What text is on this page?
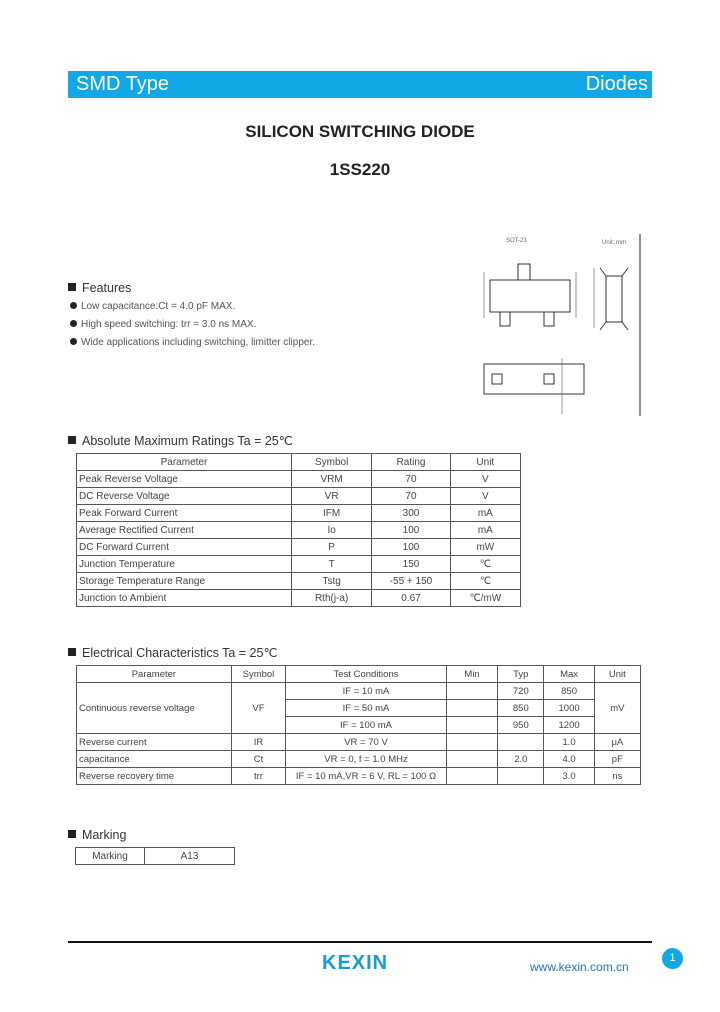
SMD Type	Diodes
SILICON SWITCHING DIODE
1SS220
SOT-23	Unit: mm
Features
Low capacitance:Ct = 4.0 pF MAX.
High speed switching: trr = 3.0 ns MAX.
Wide applications including switching, limitter clipper.
Absolute Maximum Ratings Ta = 25℃
Parameter	Symbol	Rating	Unit
Peak Reverse Voltage	VRM	70	V
DC Reverse Voltage	VR	70	V
Peak Forward Current	IFM	300	mA
Average Rectified Current	Io	100	mA
DC Forward Current	P	100	mW
Junction Temperature	T	150	℃
Storage Temperature Range	Tstg	-55 + 150	℃
Junction to Ambient	Rth(j-a)	0.67	℃/mW
Electrical Characteristics Ta = 25℃
Parameter	Symbol	Test Conditions	Min	Typ	Max	Unit
Continuous reverse voltage	VF	IF = 10 mA		720	850	mV
		IF = 50 mA		850	1000	
		IF = 100 mA		950	1200	
Reverse current	IR	VR = 70 V			1.0	μA
capacitance	Ct	VR = 0, f = 1.0 MHz		2.0	4.0	pF
Reverse recovery time	trr	IF = 10 mA,VR = 6 V, RL = 100 Ω			3.0	ns
Marking
Marking	A13
KEXIN	www.kexin.com.cn
1
